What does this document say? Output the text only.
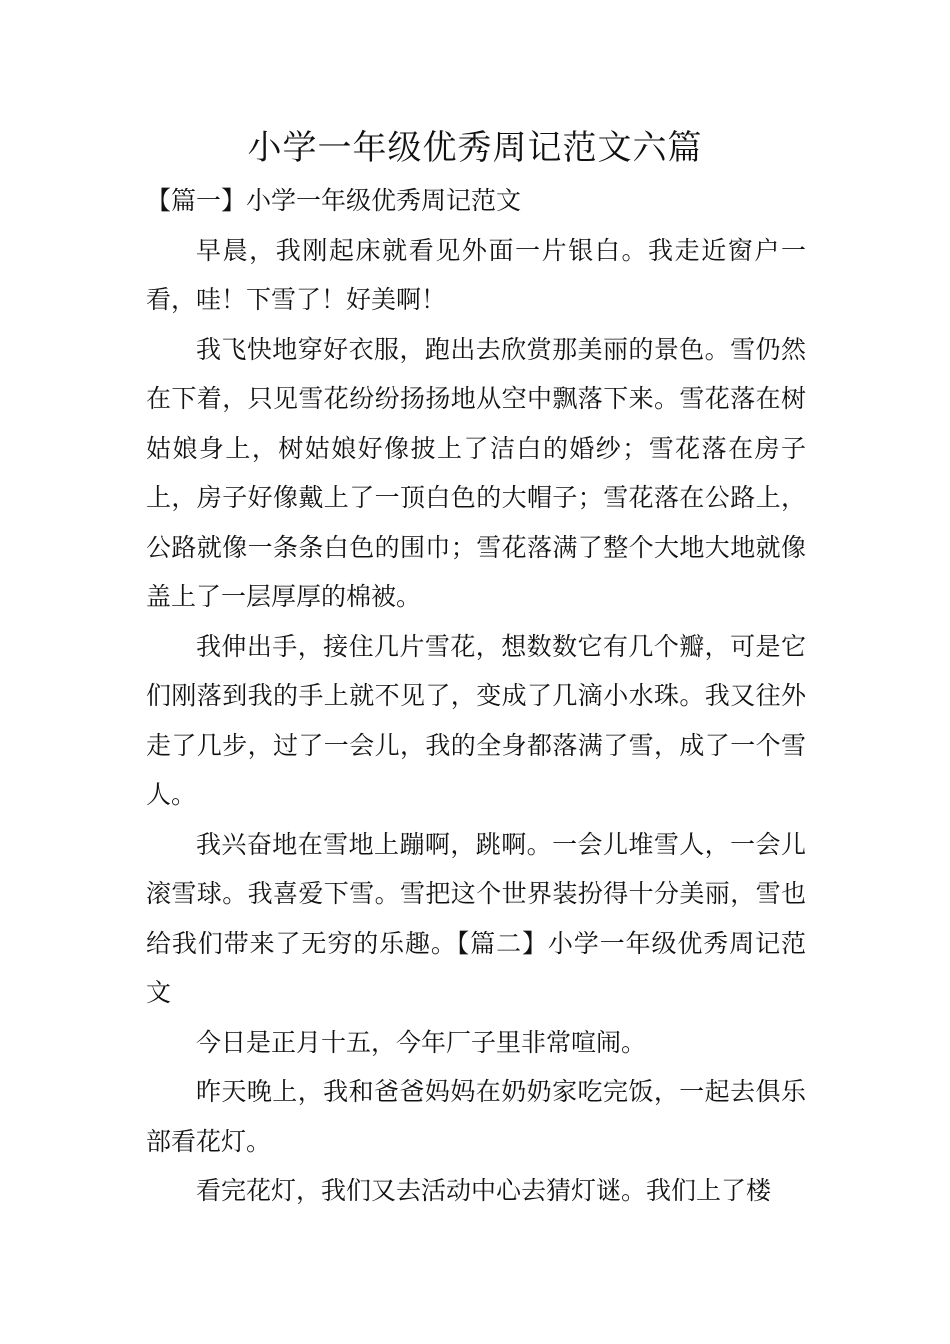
小学一年级优秀周记范文六篇

【篇一】小学一年级优秀周记范文

早晨，我刚起床就看见外面一片银白。我走近窗户一看，哇！下雪了！好美啊！

我飞快地穿好衣服，跑出去欣赏那美丽的景色。雪仍然在下着，只见雪花纷纷扬扬地从空中飘落下来。雪花落在树姑娘身上，树姑娘好像披上了洁白的婚纱；雪花落在房子上，房子好像戴上了一顶白色的大帽子；雪花落在公路上，公路就像一条条白色的围巾；雪花落满了整个大地大地就像盖上了一层厚厚的棉被。

我伸出手，接住几片雪花，想数数它有几个瓣，可是它们刚落到我的手上就不见了，变成了几滴小水珠。我又往外走了几步，过了一会儿，我的全身都落满了雪，成了一个雪人。

我兴奋地在雪地上蹦啊，跳啊。一会儿堆雪人，一会儿滚雪球。我喜爱下雪。雪把这个世界装扮得十分美丽，雪也给我们带来了无穷的乐趣。【篇二】小学一年级优秀周记范文

今日是正月十五，今年厂子里非常喧闹。

昨天晚上，我和爸爸妈妈在奶奶家吃完饭，一起去俱乐部看花灯。

看完花灯，我们又去活动中心去猜灯谜。我们上了楼
